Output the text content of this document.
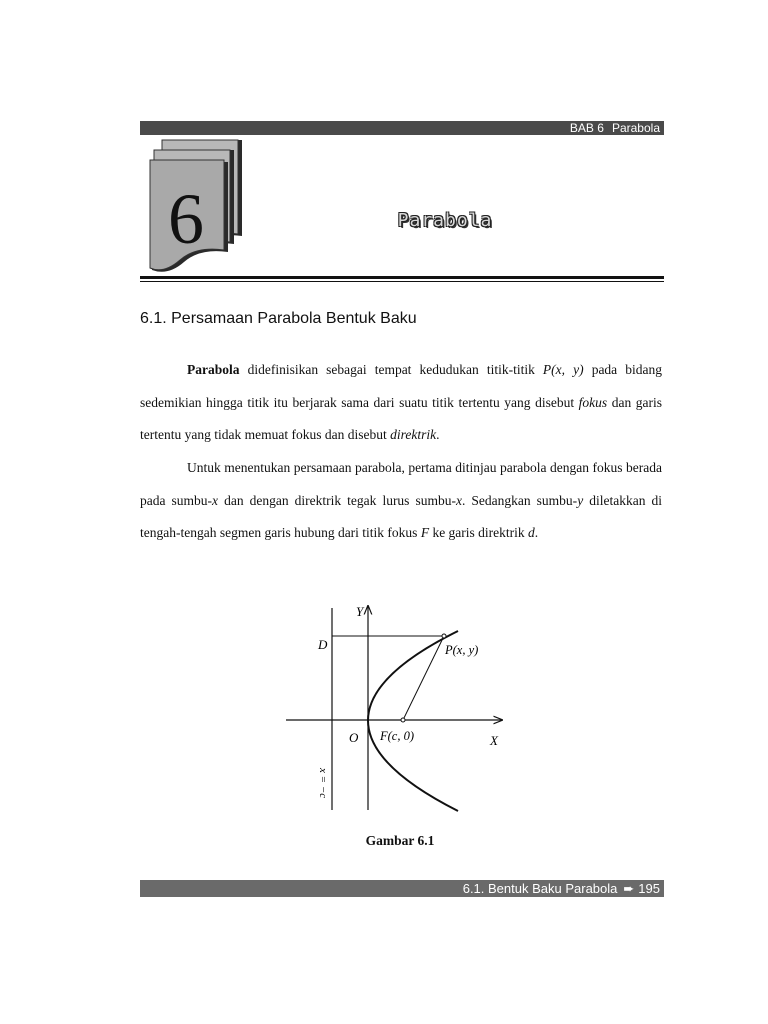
BAB 6 Parabola
6	Parabola
6.1. Persamaan Parabola Bentuk Baku

Parabola didefinisikan sebagai tempat kedudukan titik-titik P(x, y) pada bidang sedemikian hingga titik itu berjarak sama dari suatu titik tertentu yang disebut fokus dan garis tertentu yang tidak memuat fokus dan disebut direktrik.

Untuk menentukan persamaan parabola, pertama ditinjau parabola dengan fokus berada pada sumbu-x dan dengan direktrik tegak lurus sumbu-x. Sedangkan sumbu-y diletakkan di tengah-tengah segmen garis hubung dari titik fokus F ke garis direktrik d.

Y
D	P(x, y)
O F(c, 0)	X
x = −c
Gambar 6.1
6.1. Bentuk Baku Parabola ➨ 195
